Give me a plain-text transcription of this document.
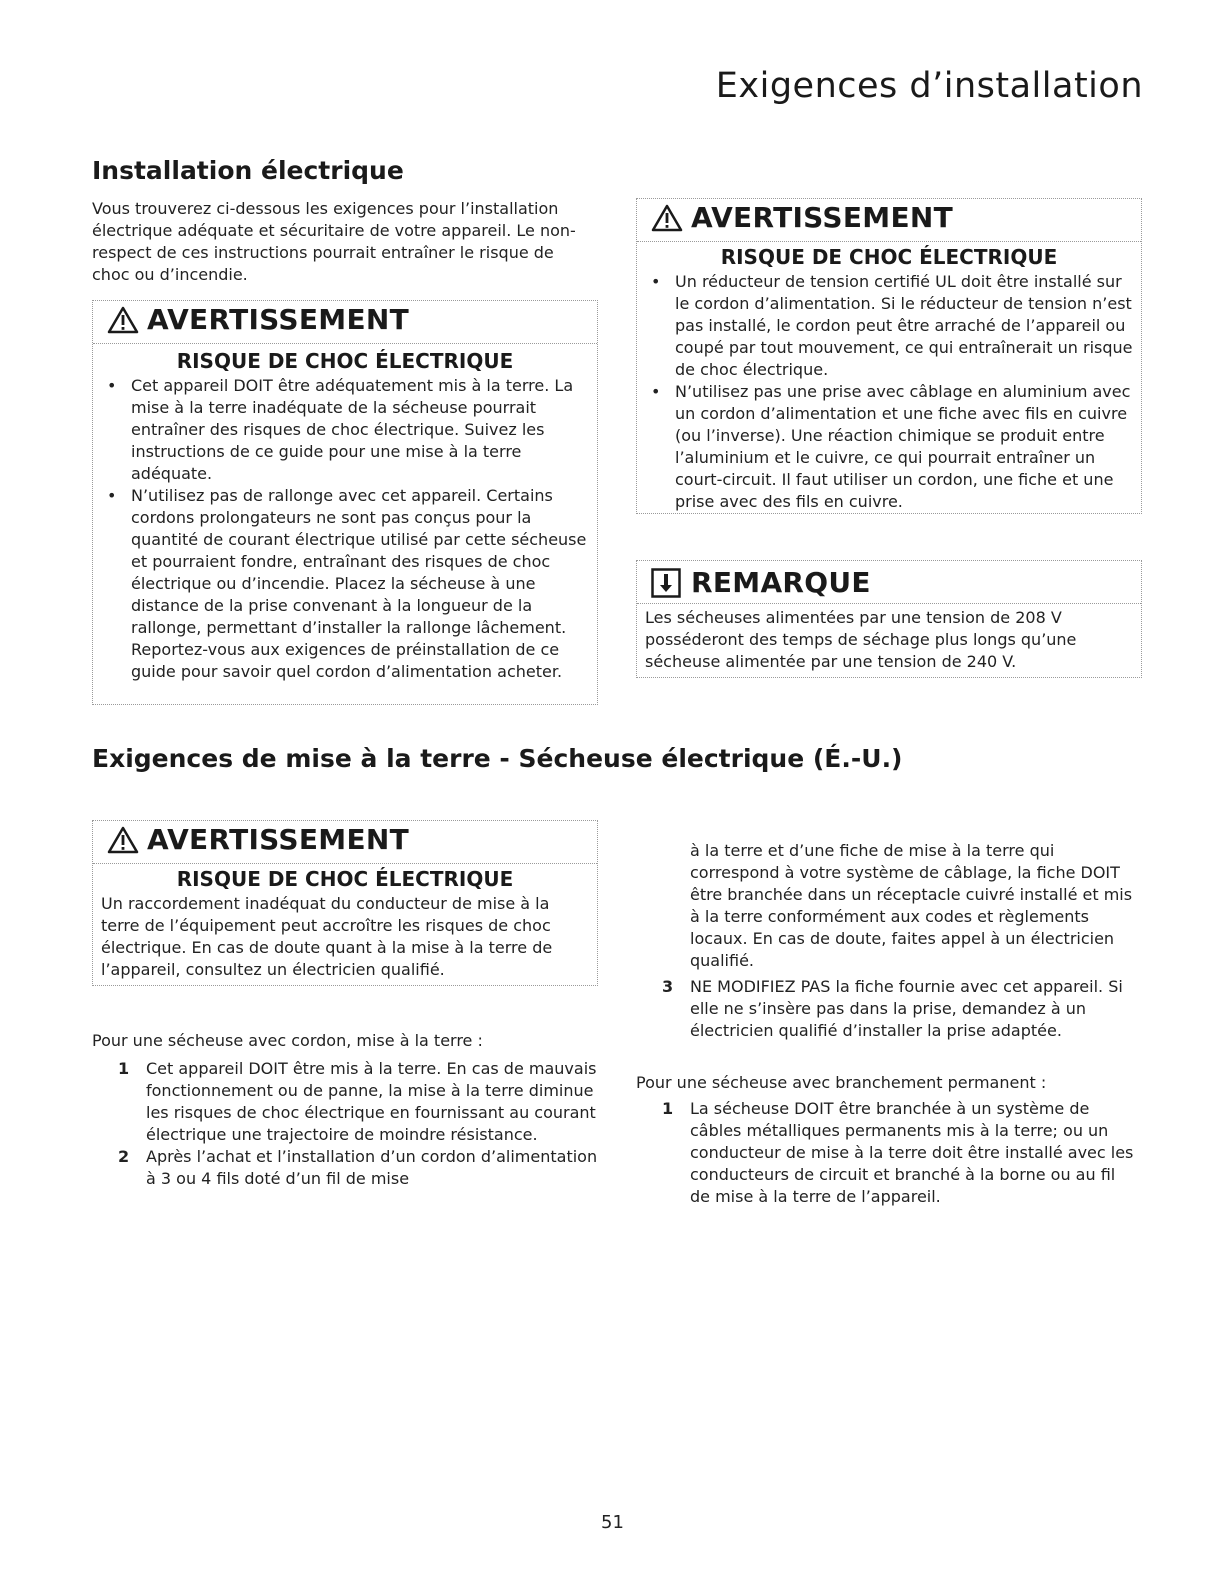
Exigences d’installation
Installation électrique

Vous trouverez ci-dessous les exigences pour l’installation électrique adéquate et sécuritaire de votre appareil. Le non-respect de ces instructions pourrait entraîner le risque de choc ou d’incendie.

AVERTISSEMENT
RISQUE DE CHOC ÉLECTRIQUE
• Cet appareil DOIT être adéquatement mis à la terre. La mise à la terre inadéquate de la sécheuse pourrait entraîner des risques de choc électrique. Suivez les instructions de ce guide pour une mise à la terre adéquate.
• N’utilisez pas de rallonge avec cet appareil. Certains cordons prolongateurs ne sont pas conçus pour la quantité de courant électrique utilisé par cette sécheuse et pourraient fondre, entraînant des risques de choc électrique ou d’incendie. Placez la sécheuse à une distance de la prise convenant à la longueur de la rallonge, permettant d’installer la rallonge lâchement. Reportez-vous aux exigences de préinstallation de ce guide pour savoir quel cordon d’alimentation acheter.
AVERTISSEMENT
RISQUE DE CHOC ÉLECTRIQUE
• Un réducteur de tension certifié UL doit être installé sur le cordon d’alimentation. Si le réducteur de tension n’est pas installé, le cordon peut être arraché de l’appareil ou coupé par tout mouvement, ce qui entraînerait un risque de choc électrique.
• N’utilisez pas une prise avec câblage en aluminium avec un cordon d’alimentation et une fiche avec fils en cuivre (ou l’inverse). Une réaction chimique se produit entre l’aluminium et le cuivre, ce qui pourrait entraîner un court-circuit. Il faut utiliser un cordon, une fiche et une prise avec des fils en cuivre.
REMARQUE
Les sécheuses alimentées par une tension de 208 V posséderont des temps de séchage plus longs qu’une sécheuse alimentée par une tension de 240 V.
Exigences de mise à la terre - Sécheuse électrique (É.-U.)
AVERTISSEMENT
RISQUE DE CHOC ÉLECTRIQUE
Un raccordement inadéquat du conducteur de mise à la terre de l’équipement peut accroître les risques de choc électrique. En cas de doute quant à la mise à la terre de l’appareil, consultez un électricien qualifié.

Pour une sécheuse avec cordon, mise à la terre :

1 Cet appareil DOIT être mis à la terre. En cas de mauvais fonctionnement ou de panne, la mise à la terre diminue les risques de choc électrique en fournissant au courant électrique une trajectoire de moindre résistance.
2 Après l’achat et l’installation d’un cordon d’alimentation à 3 ou 4 fils doté d’un fil de mise

à la terre et d’une fiche de mise à la terre qui correspond à votre système de câblage, la fiche DOIT être branchée dans un réceptacle cuivré installé et mis à la terre conformément aux codes et règlements locaux. En cas de doute, faites appel à un électricien qualifié.

3 NE MODIFIEZ PAS la fiche fournie avec cet appareil. Si elle ne s’insère pas dans la prise, demandez à un électricien qualifié d’installer la prise adaptée.

Pour une sécheuse avec branchement permanent :

1 La sécheuse DOIT être branchée à un système de câbles métalliques permanents mis à la terre; ou un conducteur de mise à la terre doit être installé avec les conducteurs de circuit et branché à la borne ou au fil de mise à la terre de l’appareil.
51
